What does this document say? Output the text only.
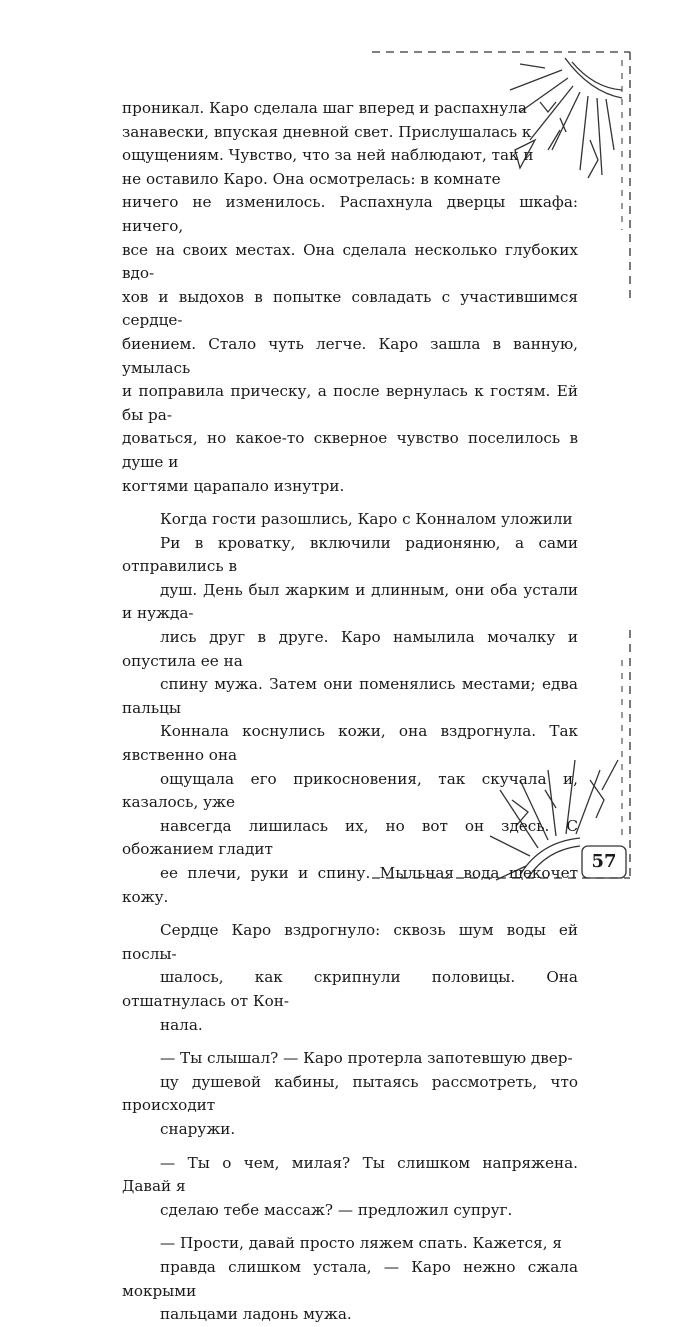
проникал. Каро сделала шаг вперед и распахнула
занавески, впуская дневной свет. Прислушалась к
ощущениям. Чувство, что за ней наблюдают, так и
не оставило Каро. Она осмотрелась: в комнате
ничего не изменилось. Распахнула дверцы шкафа: ничего,
все на своих местах. Она сделала несколько глубоких вдо-
хов и выдохов в попытке совладать с участившимся сердце-
биением. Стало чуть легче. Каро зашла в ванную, умылась
и поправила прическу, а после вернулась к гостям. Ей бы ра-
доваться, но какое-то скверное чувство поселилось в душе и
когтями царапало изнутри.

Когда гости разошлись, Каро с Конналом уложили
Ри в кроватку, включили радионяню, а сами отправились в
душ. День был жарким и длинным, они оба устали и нужда-
лись друг в друге. Каро намылила мочалку и опустила ее на
спину мужа. Затем они поменялись местами; едва пальцы
Коннала коснулись кожи, она вздрогнула. Так явственно она
ощущала его прикосновения, так скучала и, казалось, уже
навсегда лишилась их, но вот он здесь. С обожанием гладит
ее плечи, руки и спину. Мыльная вода щекочет кожу.

Сердце Каро вздрогнуло: сквозь шум воды ей послы-
шалось, как скрипнули половицы. Она отшатнулась от Кон-
нала.

— Ты слышал? — Каро протерла запотевшую двер-
цу душевой кабины, пытаясь рассмотреть, что происходит
снаружи.

— Ты о чем, милая? Ты слишком напряжена. Давай я
сделаю тебе массаж? — предложил супруг.

— Прости, давай просто ляжем спать. Кажется, я
правда слишком устала, — Каро нежно сжала мокрыми
пальцами ладонь мужа.

57
